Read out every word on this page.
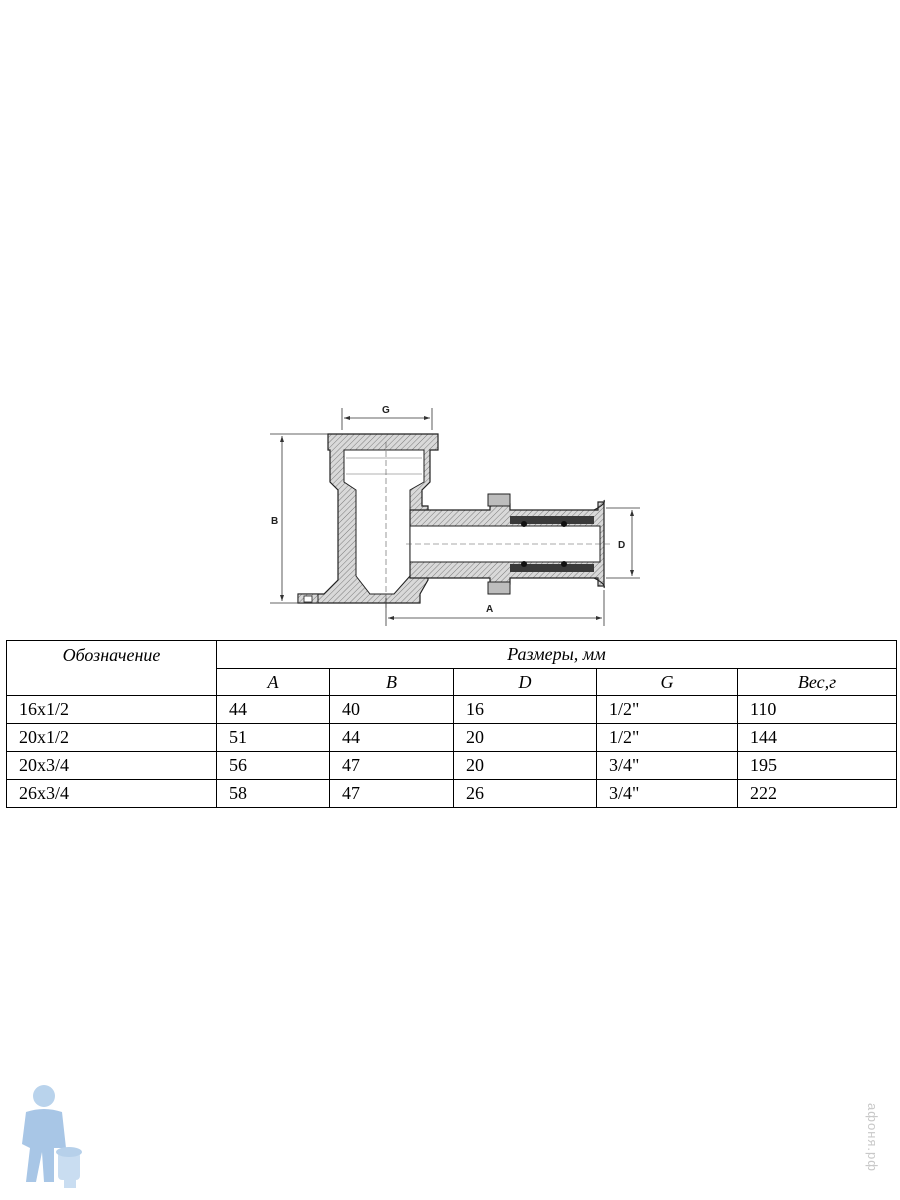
G
B
D
A
Обозначение	Размеры, мм				
	A	B	D	G	Вес,г
16х1/2	44	40	16	1/2"	110
20х1/2	51	44	20	1/2"	144
20х3/4	56	47	20	3/4"	195
26х3/4	58	47	26	3/4"	222
афоня.рф
